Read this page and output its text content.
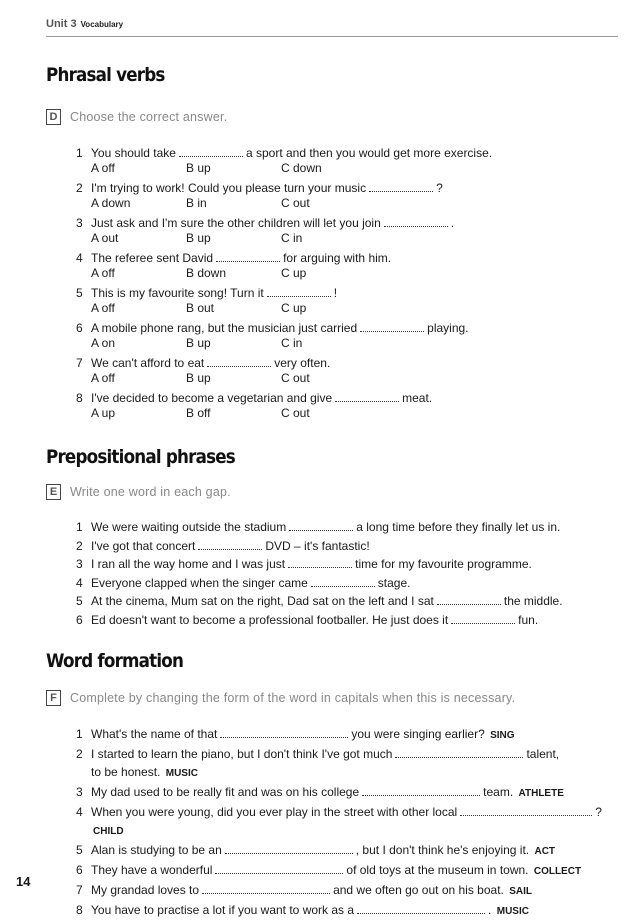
Unit 3 Vocabulary
Phrasal verbs
D Choose the correct answer.
1 You should take	a sport and then you would get more exercise.
A off	B up	C down
2 I'm trying to work! Could you please turn your music	?
A down	B in	C out
3 Just ask and I'm sure the other children will let you join	.
A out	B up	C in
4 The referee sent David	for arguing with him.
A off	B down	C up
5 This is my favourite song! Turn it	!
A off	B out	C up
6 A mobile phone rang, but the musician just carried	playing.
A on	B up	C in
7 We can't afford to eat	very often.
A off	B up	C out
8 I've decided to become a vegetarian and give	meat.
A up	B off	C out
Prepositional phrases
E	Write one word in each gap.
1 We were waiting outside the stadium	a long time before they finally let us in.
2 I've got that concert	DVD – it's fantastic!
3 I ran all the way home and I was just	time for my favourite programme.
4 Everyone clapped when the singer came	stage.
5 At the cinema, Mum sat on the right, Dad sat on the left and I sat	the middle.
6 Ed doesn't want to become a professional footballer. He just does it	fun.
Word formation
F	Complete by changing the form of the word in capitals when this is necessary.
1 What's the name of that	you were singing earlier? SING
2 I started to learn the piano, but I don't think I've got much	talent,
to be honest. MUSIC
3 My dad used to be really fit and was on his college	team. ATHLETE
4 When you were young, did you ever play in the street with other local	? CHILD
5 Alan is studying to be an	, but I don't think he's enjoying it. ACT
6 They have a wonderful	of old toys at the museum in town. COLLECT
7 My grandad loves to	and we often go out on his boat. SAIL
8 You have to practise a lot if you want to work as a	. MUSIC
14
